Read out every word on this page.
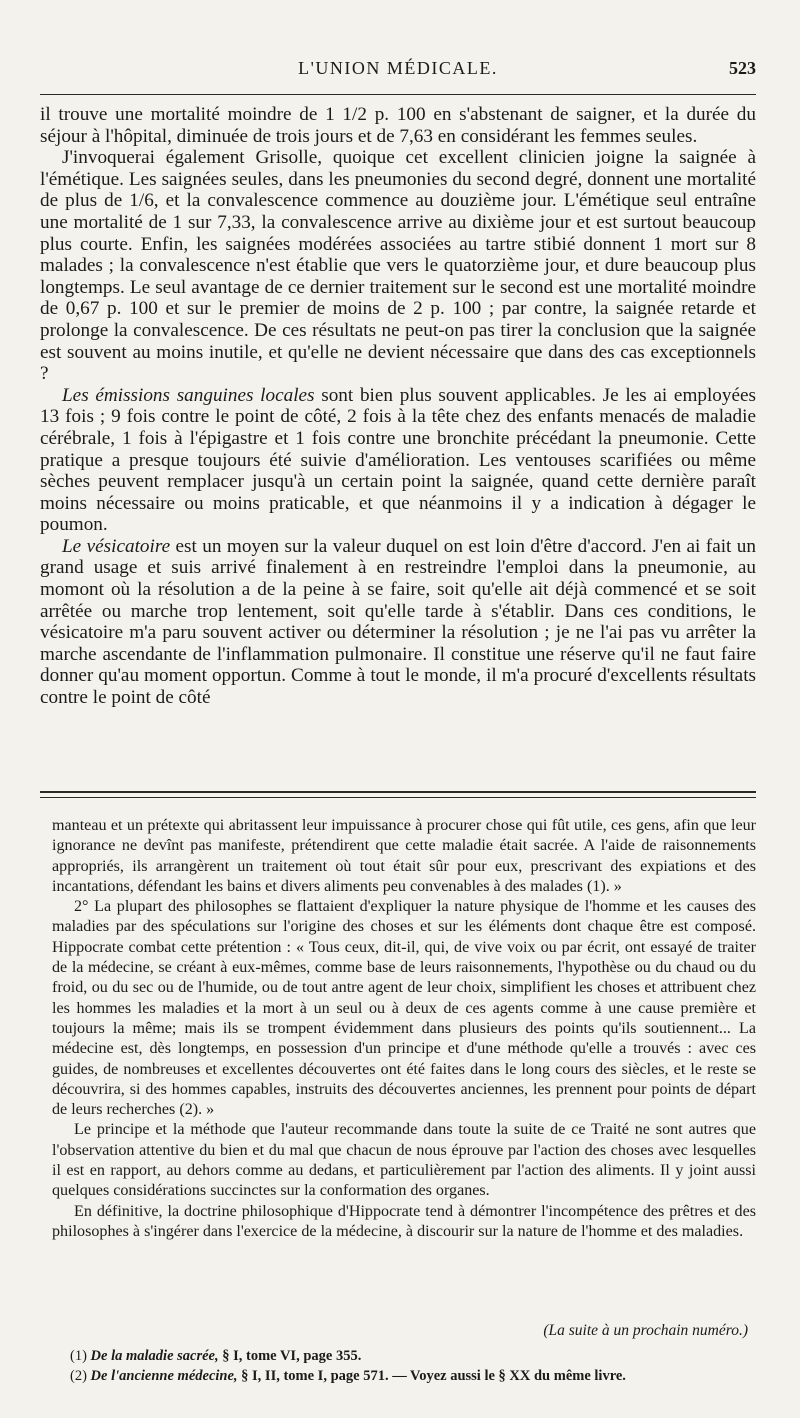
L'UNION MÉDICALE.	523

il trouve une mortalité moindre de 1 1/2 p. 100 en s'abstenant de saigner, et la durée du séjour à l'hôpital, diminuée de trois jours et de 7,63 en considérant les femmes seules.

J'invoquerai également Grisolle, quoique cet excellent clinicien joigne la saignée à l'émétique. Les saignées seules, dans les pneumonies du second degré, donnent une mortalité de plus de 1/6, et la convalescence commence au douzième jour. L'émétique seul entraîne une mortalité de 1 sur 7,33, la convalescence arrive au dixième jour et est surtout beaucoup plus courte. Enfin, les saignées modérées associées au tartre stibié donnent 1 mort sur 8 malades ; la convalescence n'est établie que vers le quatorzième jour, et dure beaucoup plus longtemps. Le seul avantage de ce dernier traitement sur le second est une mortalité moindre de 0,67 p. 100 et sur le premier de moins de 2 p. 100 ; par contre, la saignée retarde et prolonge la convalescence. De ces résultats ne peut-on pas tirer la conclusion que la saignée est souvent au moins inutile, et qu'elle ne devient nécessaire que dans des cas exceptionnels ?

Les émissions sanguines locales sont bien plus souvent applicables. Je les ai employées 13 fois ; 9 fois contre le point de côté, 2 fois à la tête chez des enfants menacés de maladie cérébrale, 1 fois à l'épigastre et 1 fois contre une bronchite précédant la pneumonie. Cette pratique a presque toujours été suivie d'amélioration. Les ventouses scarifiées ou même sèches peuvent remplacer jusqu'à un certain point la saignée, quand cette dernière paraît moins nécessaire ou moins praticable, et que néanmoins il y a indication à dégager le poumon.

Le vésicatoire est un moyen sur la valeur duquel on est loin d'être d'accord. J'en ai fait un grand usage et suis arrivé finalement à en restreindre l'emploi dans la pneumonie, au momont où la résolution a de la peine à se faire, soit qu'elle ait déjà commencé et se soit arrêtée ou marche trop lentement, soit qu'elle tarde à s'établir. Dans ces conditions, le vésicatoire m'a paru souvent activer ou déterminer la résolution ; je ne l'ai pas vu arrêter la marche ascendante de l'inflammation pulmonaire. Il constitue une réserve qu'il ne faut faire donner qu'au moment opportun. Comme à tout le monde, il m'a procuré d'excellents résultats contre le point de côté

manteau et un prétexte qui abritassent leur impuissance à procurer chose qui fût utile, ces gens, afin que leur ignorance ne devînt pas manifeste, prétendirent que cette maladie était sacrée. A l'aide de raisonnements appropriés, ils arrangèrent un traitement où tout était sûr pour eux, prescrivant des expiations et des incantations, défendant les bains et divers aliments peu convenables à des malades (1). »

2° La plupart des philosophes se flattaient d'expliquer la nature physique de l'homme et les causes des maladies par des spéculations sur l'origine des choses et sur les éléments dont chaque être est composé. Hippocrate combat cette prétention : « Tous ceux, dit-il, qui, de vive voix ou par écrit, ont essayé de traiter de la médecine, se créant à eux-mêmes, comme base de leurs raisonnements, l'hypothèse ou du chaud ou du froid, ou du sec ou de l'humide, ou de tout antre agent de leur choix, simplifient les choses et attribuent chez les hommes les maladies et la mort à un seul ou à deux de ces agents comme à une cause première et toujours la même; mais ils se trompent évidemment dans plusieurs des points qu'ils soutiennent... La médecine est, dès longtemps, en possession d'un principe et d'une méthode qu'elle a trouvés : avec ces guides, de nombreuses et excellentes découvertes ont été faites dans le long cours des siècles, et le reste se découvrira, si des hommes capables, instruits des découvertes anciennes, les prennent pour points de départ de leurs recherches (2). »

Le principe et la méthode que l'auteur recommande dans toute la suite de ce Traité ne sont autres que l'observation attentive du bien et du mal que chacun de nous éprouve par l'action des choses avec lesquelles il est en rapport, au dehors comme au dedans, et particulièrement par l'action des aliments. Il y joint aussi quelques considérations succinctes sur la conformation des organes.

En définitive, la doctrine philosophique d'Hippocrate tend à démontrer l'incompétence des prêtres et des philosophes à s'ingérer dans l'exercice de la médecine, à discourir sur la nature de l'homme et des maladies.

(La suite à un prochain numéro.)
(1) De la maladie sacrée, § I, tome VI, page 355.
(2) De l'ancienne médecine, § I, II, tome I, page 571. — Voyez aussi le § XX du même livre.
